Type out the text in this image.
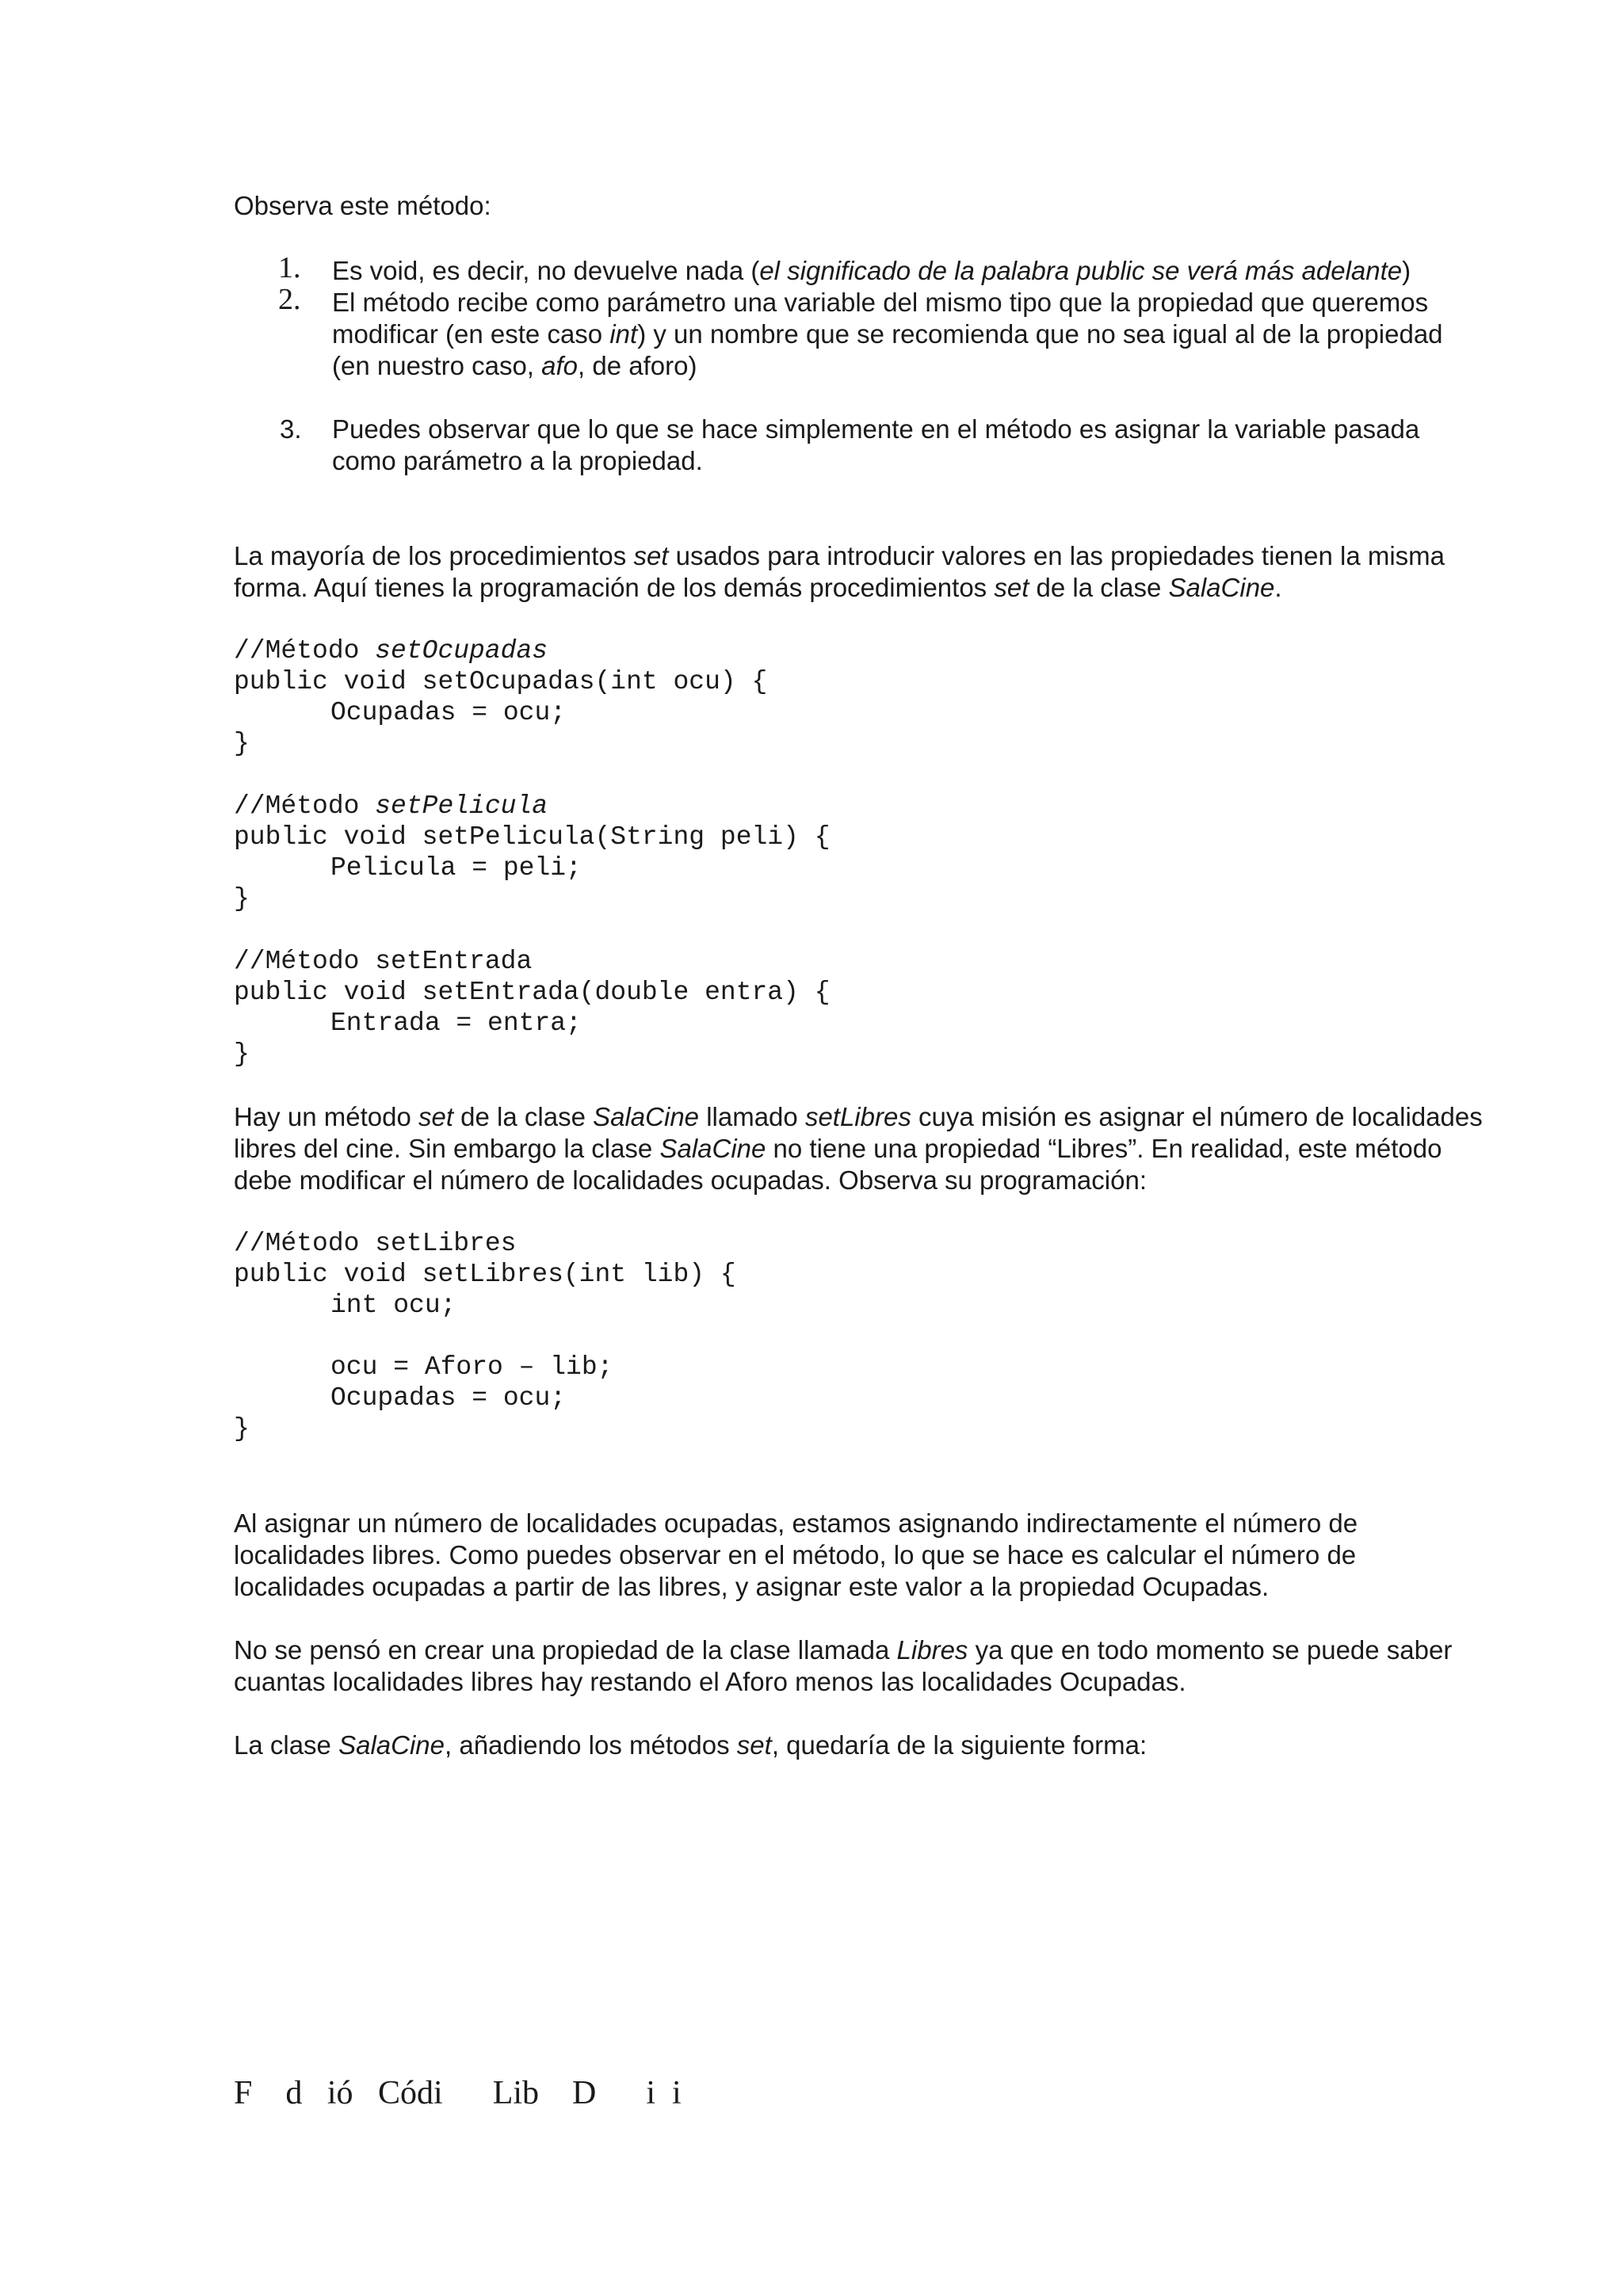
Observa este método:

1. Es void, es decir, no devuelve nada (el significado de la palabra public se verá más adelante)
2. El método recibe como parámetro una variable del mismo tipo que la propiedad que queremos modificar (en este caso int) y un nombre que se recomienda que no sea igual al de la propiedad (en nuestro caso, afo, de aforo)
3. Puedes observar que lo que se hace simplemente en el método es asignar la variable pasada como parámetro a la propiedad.

La mayoría de los procedimientos set usados para introducir valores en las propiedades tienen la misma forma. Aquí tienes la programación de los demás procedimientos set de la clase SalaCine.

//Método setOcupadas
public void setOcupadas(int ocu) {
Ocupadas = ocu;
}
//Método setPelicula
public void setPelicula(String peli) {
Pelicula = peli;
}
//Método setEntrada
public void setEntrada(double entra) {
Entrada = entra;
}

Hay un método set de la clase SalaCine llamado setLibres cuya misión es asignar el número de localidades libres del cine. Sin embargo la clase SalaCine no tiene una propiedad “Libres”. En realidad, este método debe modificar el número de localidades ocupadas. Observa su programación:

//Método setLibres
public void setLibres(int lib) {
int ocu;

ocu = Aforo – lib;
Ocupadas = ocu;
}

Al asignar un número de localidades ocupadas, estamos asignando indirectamente el número de localidades libres. Como puedes observar en el método, lo que se hace es calcular el número de localidades ocupadas a partir de las libres, y asignar este valor a la propiedad Ocupadas.

No se pensó en crear una propiedad de la clase llamada Libres ya que en todo momento se puede saber cuantas localidades libres hay restando el Aforo menos las localidades Ocupadas.

La clase SalaCine, añadiendo los métodos set, quedaría de la siguiente forma:

F    d   ió   Códi      Lib    D      i  i
